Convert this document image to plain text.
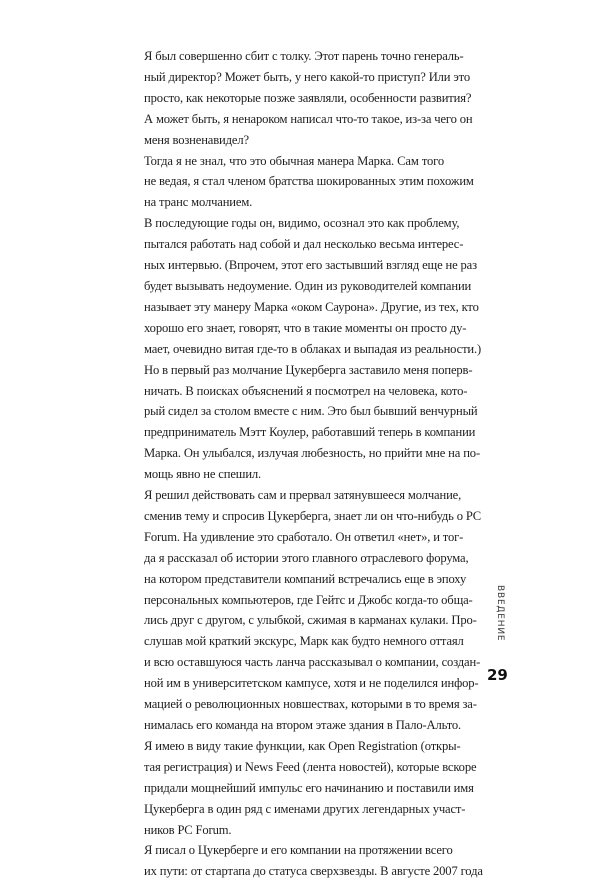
Я был совершенно сбит с толку. Этот парень точно генераль-
ный директор? Может быть, у него какой-то приступ? Или это
просто, как некоторые позже заявляли, особенности развития?
А может быть, я ненароком написал что-то такое, из-за чего он
меня возненавидел?

Тогда я не знал, что это обычная манера Марка. Сам того
не ведая, я стал членом братства шокированных этим похожим
на транс молчанием.

В последующие годы он, видимо, осознал это как проблему,
пытался работать над собой и дал несколько весьма интерес-
ных интервью. (Впрочем, этот его застывший взгляд еще не раз
будет вызывать недоумение. Один из руководителей компании
называет эту манеру Марка «оком Саурона». Другие, из тех, кто
хорошо его знает, говорят, что в такие моменты он просто ду-
мает, очевидно витая где-то в облаках и выпадая из реальности.)
Но в первый раз молчание Цукерберга заставило меня поперв-
ничать. В поисках объяснений я посмотрел на человека, кото-
рый сидел за столом вместе с ним. Это был бывший венчурный
предприниматель Мэтт Коулер, работавший теперь в компании
Марка. Он улыбался, излучая любезность, но прийти мне на по-
мощь явно не спешил.

Я решил действовать сам и прервал затянувшееся молчание,
сменив тему и спросив Цукерберга, знает ли он что-нибудь о PC
Forum. На удивление это сработало. Он ответил «нет», и тог-
да я рассказал об истории этого главного отраслевого форума,
на котором представители компаний встречались еще в эпоху
персональных компьютеров, где Гейтс и Джобс когда-то обща-
лись друг с другом, с улыбкой, сжимая в карманах кулаки. Про-
слушав мой краткий экскурс, Марк как будто немного оттаял
и всю оставшуюся часть ланча рассказывал о компании, создан-
ной им в университетском кампусе, хотя и не поделился инфор-
мацией о революционных новшествах, которыми в то время за-
нималась его команда на втором этаже здания в Пало-Альто.
Я имею в виду такие функции, как Open Registration (откры-
тая регистрация) и News Feed (лента новостей), которые вскоре
придали мощнейший импульс его начинанию и поставили имя
Цукерберга в один ряд с именами других легендарных участ-
ников PC Forum.

Я писал о Цукерберге и его компании на протяжении всего
их пути: от стартапа до статуса сверхзвезды. В августе 2007 года

ВВЕДЕНИЕ
29
